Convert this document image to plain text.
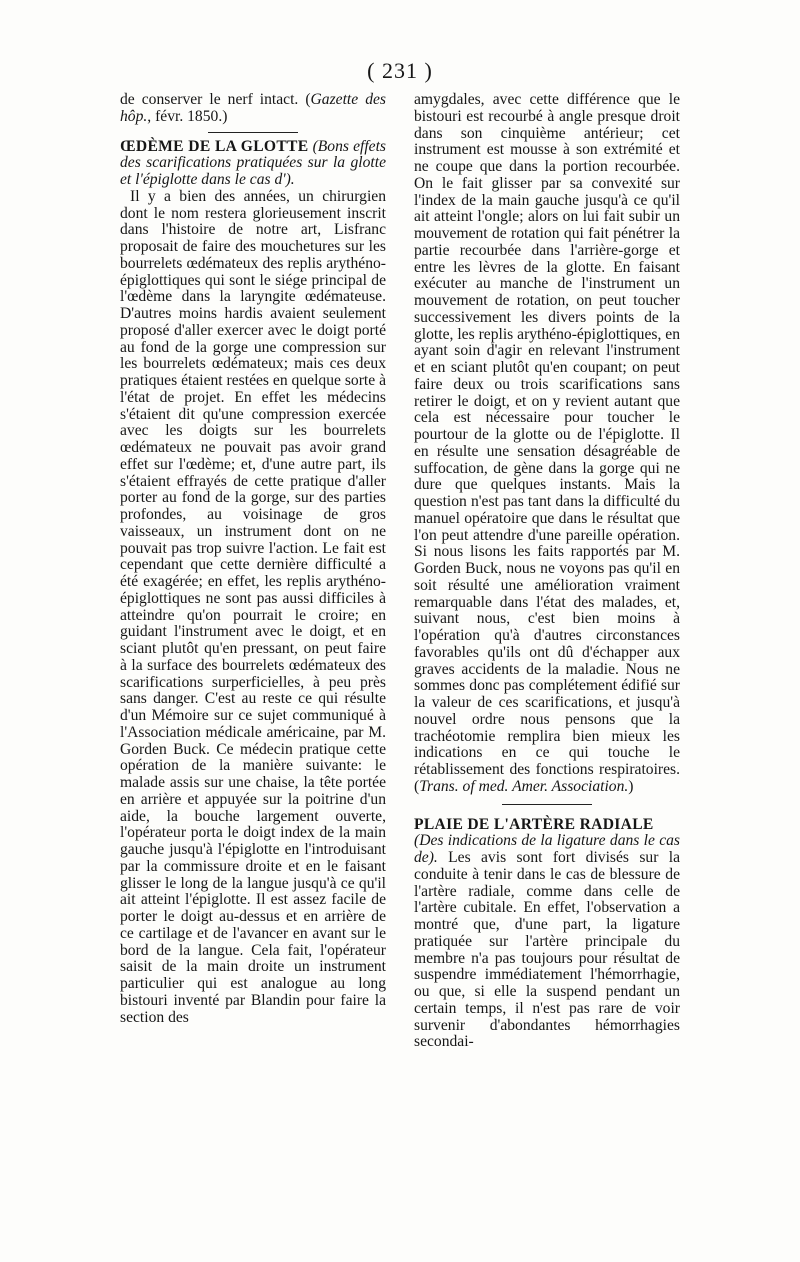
( 231 )

de conserver le nerf intact. (Gazette des hôp., févr. 1850.)

ŒDÈME DE LA GLOTTE (Bons effets des scarifications pratiquées sur la glotte et l'épiglotte dans le cas d').

Il y a bien des années, un chirurgien dont le nom restera glorieusement inscrit dans l'histoire de notre art, Lisfranc proposait de faire des mouchetures sur les bourrelets œdémateux des replis arythéno-épiglottiques qui sont le siége principal de l'œdème dans la laryngite œdémateuse. D'autres moins hardis avaient seulement proposé d'aller exercer avec le doigt porté au fond de la gorge une compression sur les bourrelets œdémateux; mais ces deux pratiques étaient restées en quelque sorte à l'état de projet. En effet les médecins s'étaient dit qu'une compression exercée avec les doigts sur les bourrelets œdémateux ne pouvait pas avoir grand effet sur l'œdème; et, d'une autre part, ils s'étaient effrayés de cette pratique d'aller porter au fond de la gorge, sur des parties profondes, au voisinage de gros vaisseaux, un instrument dont on ne pouvait pas trop suivre l'action. Le fait est cependant que cette dernière difficulté a été exagérée; en effet, les replis arythéno-épiglottiques ne sont pas aussi difficiles à atteindre qu'on pourrait le croire; en guidant l'instrument avec le doigt, et en sciant plutôt qu'en pressant, on peut faire à la surface des bourrelets œdémateux des scarifications surperficielles, à peu près sans danger. C'est au reste ce qui résulte d'un Mémoire sur ce sujet communiqué à l'Association médicale américaine, par M. Gorden Buck. Ce médecin pratique cette opération de la manière suivante: le malade assis sur une chaise, la tête portée en arrière et appuyée sur la poitrine d'un aide, la bouche largement ouverte, l'opérateur porta le doigt index de la main gauche jusqu'à l'épiglotte en l'introduisant par la commissure droite et en le faisant glisser le long de la langue jusqu'à ce qu'il ait atteint l'épiglotte. Il est assez facile de porter le doigt au-dessus et en arrière de ce cartilage et de l'avancer en avant sur le bord de la langue. Cela fait, l'opérateur saisit de la main droite un instrument particulier qui est analogue au long bistouri inventé par Blandin pour faire la section des

amygdales, avec cette différence que le bistouri est recourbé à angle presque droit dans son cinquième antérieur; cet instrument est mousse à son extrémité et ne coupe que dans la portion recourbée. On le fait glisser par sa convexité sur l'index de la main gauche jusqu'à ce qu'il ait atteint l'ongle; alors on lui fait subir un mouvement de rotation qui fait pénétrer la partie recourbée dans l'arrière-gorge et entre les lèvres de la glotte. En faisant exécuter au manche de l'instrument un mouvement de rotation, on peut toucher successivement les divers points de la glotte, les replis arythéno-épiglottiques, en ayant soin d'agir en relevant l'instrument et en sciant plutôt qu'en coupant; on peut faire deux ou trois scarifications sans retirer le doigt, et on y revient autant que cela est nécessaire pour toucher le pourtour de la glotte ou de l'épiglotte. Il en résulte une sensation désagréable de suffocation, de gène dans la gorge qui ne dure que quelques instants. Mais la question n'est pas tant dans la difficulté du manuel opératoire que dans le résultat que l'on peut attendre d'une pareille opération. Si nous lisons les faits rapportés par M. Gorden Buck, nous ne voyons pas qu'il en soit résulté une amélioration vraiment remarquable dans l'état des malades, et, suivant nous, c'est bien moins à l'opération qu'à d'autres circonstances favorables qu'ils ont dû d'échapper aux graves accidents de la maladie. Nous ne sommes donc pas complétement édifié sur la valeur de ces scarifications, et jusqu'à nouvel ordre nous pensons que la trachéotomie remplira bien mieux les indications en ce qui touche le rétablissement des fonctions respiratoires. (Trans. of med. Amer. Association.)

PLAIE DE L'ARTÈRE RADIALE

(Des indications de la ligature dans le cas de). Les avis sont fort divisés sur la conduite à tenir dans le cas de blessure de l'artère radiale, comme dans celle de l'artère cubitale. En effet, l'observation a montré que, d'une part, la ligature pratiquée sur l'artère principale du membre n'a pas toujours pour résultat de suspendre immédiatement l'hémorrhagie, ou que, si elle la suspend pendant un certain temps, il n'est pas rare de voir survenir d'abondantes hémorrhagies secondai-
